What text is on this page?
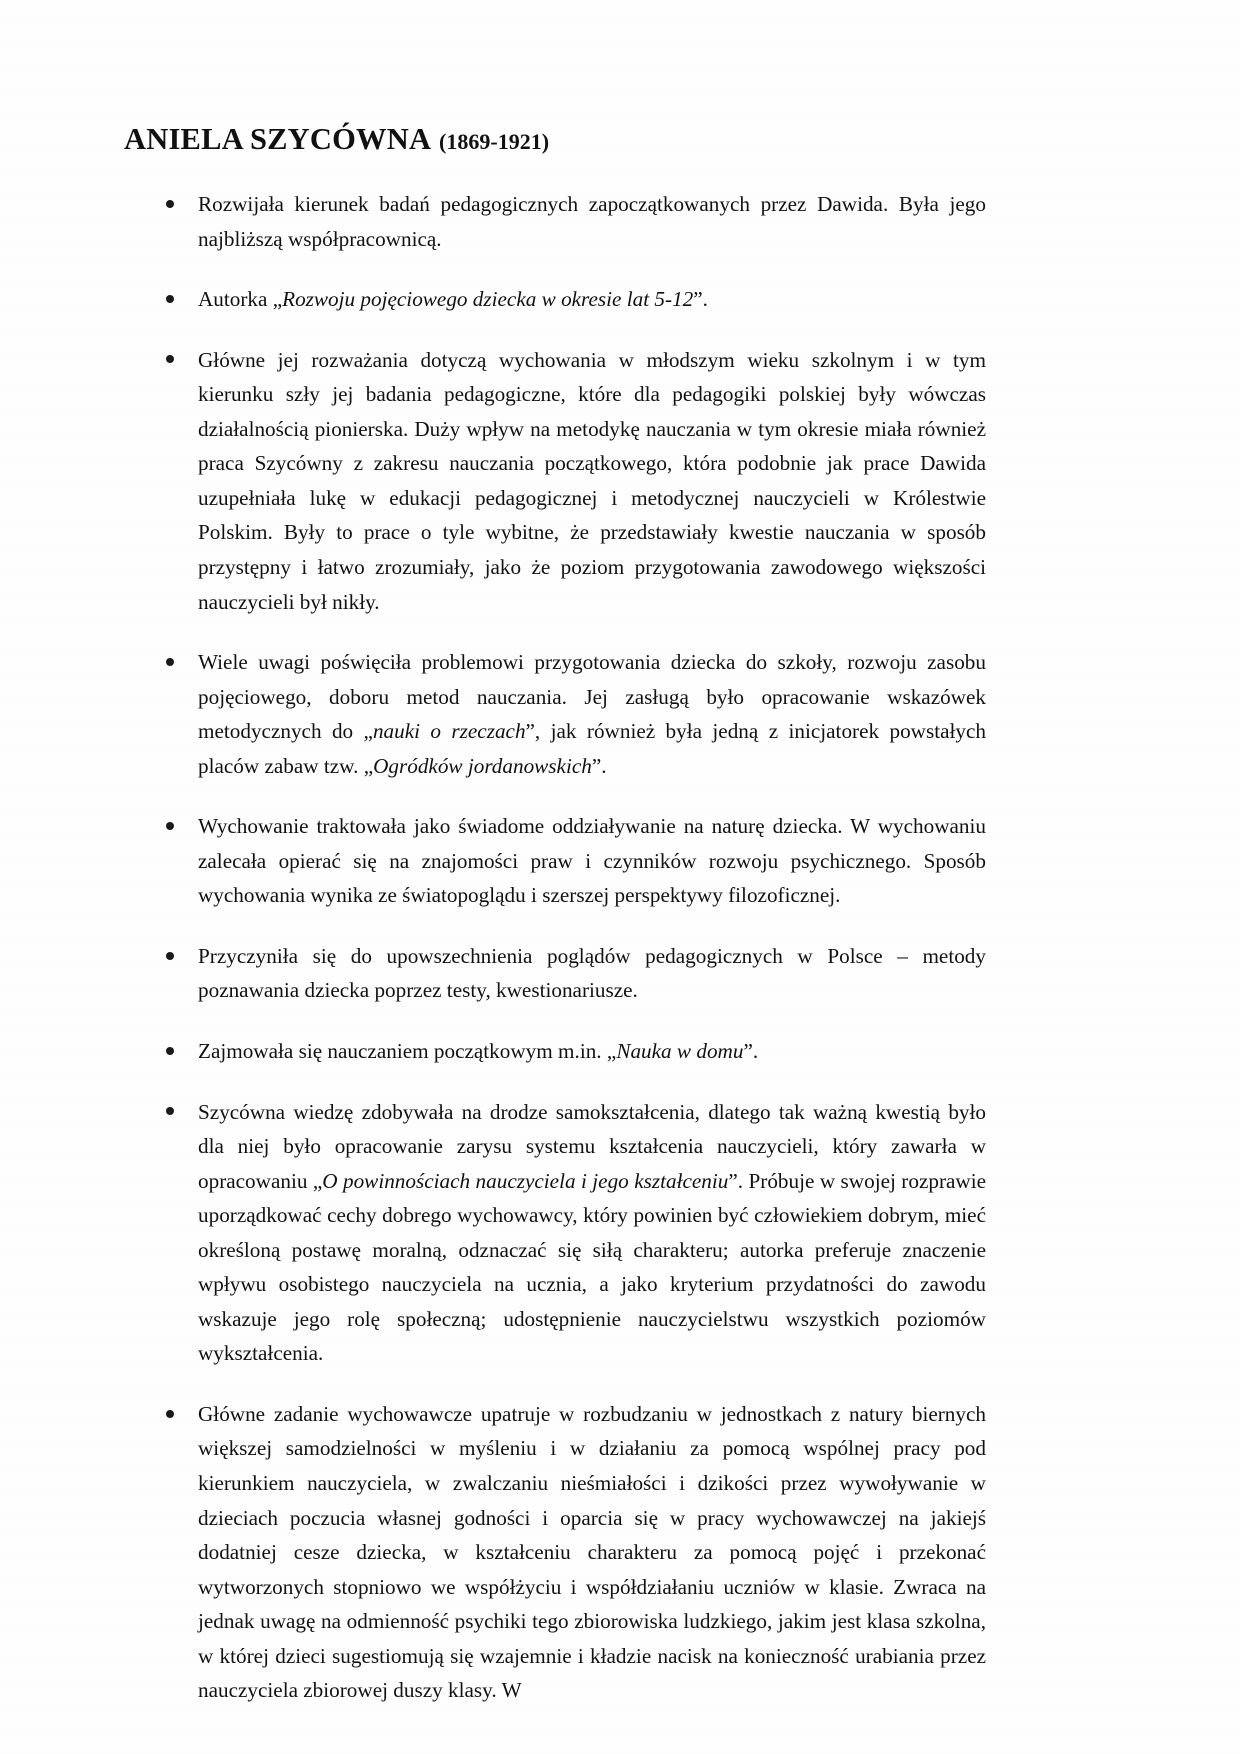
ANIELA SZYCÓWNA (1869-1921)
Rozwijała kierunek badań pedagogicznych zapoczątkowanych przez Dawida. Była jego najbliższą współpracownicą.
Autorka „Rozwoju pojęciowego dziecka w okresie lat 5-12”.
Główne jej rozważania dotyczą wychowania w młodszym wieku szkolnym i w tym kierunku szły jej badania pedagogiczne, które dla pedagogiki polskiej były wówczas działalnością pionierska. Duży wpływ na metodykę nauczania w tym okresie miała również praca Szycówny z zakresu nauczania początkowego, która podobnie jak prace Dawida uzupełniała lukę w edukacji pedagogicznej i metodycznej nauczycieli w Królestwie Polskim. Były to prace o tyle wybitne, że przedstawiały kwestie nauczania w sposób przystępny i łatwo zrozumiały, jako że poziom przygotowania zawodowego większości nauczycieli był nikły.
Wiele uwagi poświęciła problemowi przygotowania dziecka do szkoły, rozwoju zasobu pojęciowego, doboru metod nauczania. Jej zasługą było opracowanie wskazówek metodycznych do „nauki o rzeczach”, jak również była jedną z inicjatorek powstałych placów zabaw tzw. „Ogródków jordanowskich”.
Wychowanie traktowała jako świadome oddziaływanie na naturę dziecka. W wychowaniu zalecała opierać się na znajomości praw i czynników rozwoju psychicznego. Sposób wychowania wynika ze światopoglądu i szerszej perspektywy filozoficznej.
Przyczyniła się do upowszechnienia poglądów pedagogicznych w Polsce – metody poznawania dziecka poprzez testy, kwestionariusze.
Zajmowała się nauczaniem początkowym m.in. „Nauka w domu”.
Szycówna wiedzę zdobywała na drodze samokształcenia, dlatego tak ważną kwestią było dla niej było opracowanie zarysu systemu kształcenia nauczycieli, który zawarła w opracowaniu „O powinnościach nauczyciela i jego kształceniu”. Próbuje w swojej rozprawie uporządkować cechy dobrego wychowawcy, który powinien być człowiekiem dobrym, mieć określoną postawę moralną, odznaczać się siłą charakteru; autorka preferuje znaczenie wpływu osobistego nauczyciela na ucznia, a jako kryterium przydatności do zawodu wskazuje jego rolę społeczną; udostępnienie nauczycielstwu wszystkich poziomów wykształcenia.
Główne zadanie wychowawcze upatruje w rozbudzaniu w jednostkach z natury biernych większej samodzielności w myśleniu i w działaniu za pomocą wspólnej pracy pod kierunkiem nauczyciela, w zwalczaniu nieśmiałości i dzikości przez wywoływanie w dzieciach poczucia własnej godności i oparcia się w pracy wychowawczej na jakiejś dodatniej cesze dziecka, w kształceniu charakteru za pomocą pojęć i przekonać wytworzonych stopniowo we współżyciu i współdziałaniu uczniów w klasie. Zwraca na jednak uwagę na odmienność psychiki tego zbiorowiska ludzkiego, jakim jest klasa szkolna, w której dzieci sugestiomują się wzajemnie i kładzie nacisk na konieczność urabiania przez nauczyciela zbiorowej duszy klasy. W
